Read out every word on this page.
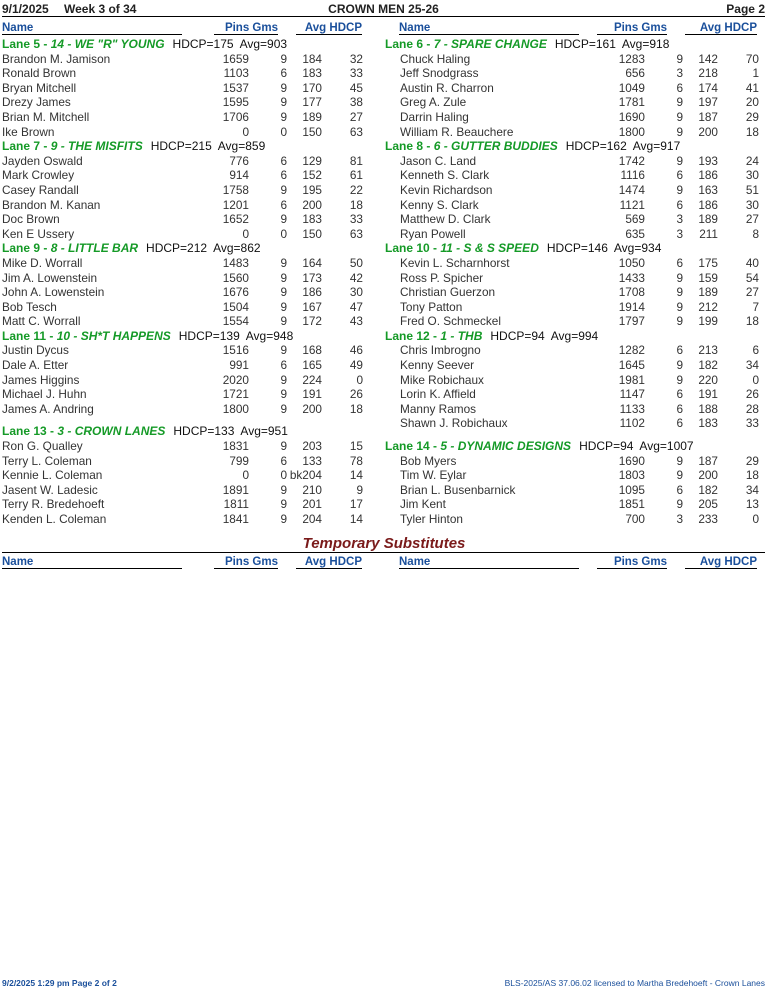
9/1/2025 Week 3 of 34	CROWN MEN 25-26	Page 2
Name	Pins Gms	Avg HDCP	Name	Pins Gms	Avg HDCP
Lane 5 - 14 - WE "R" YOUNG HDCP=175 Avg=903
Brandon M. Jamison	1659	9 184 32
Ronald Brown	1103	6 183 33
Bryan Mitchell	1537	9 170 45
Drezy James	1595	9 177 38
Brian M. Mitchell	1706	9 189 27
Ike Brown	0	0 150 63
Lane 7 - 9 - THE MISFITS HDCP=215 Avg=859
Jayden Oswald	776	6 129 81
Mark Crowley	914	6 152 61
Casey Randall	1758	9 195 22
Brandon M. Kanan	1201	6 200 18
Doc Brown	1652	9 183 33
Ken E Ussery	0	0 150 63
Lane 9 - 8 - LITTLE BAR HDCP=212 Avg=862
Mike D. Worrall	1483	9 164 50
Jim A. Lowenstein	1560	9 173 42
John A. Lowenstein	1676	9 186 30
Bob Tesch	1504	9 167 47
Matt C. Worrall	1554	9 172 43
Lane 11 - 10 - SH*T HAPPENS HDCP=139 Avg=948
Justin Dycus	1516	9 168 46
Dale A. Etter	991	6 165 49
James Higgins	2020	9 224	0
Michael J. Huhn	1721	9 191 26
James A. Andring	1800	9 200 18
Lane 13 - 3 - CROWN LANES HDCP=133 Avg=951
Ron G. Qualley	1831	9 203 15
Terry L. Coleman	799	6 133 78
Kennie L. Coleman	0	0 bk204 14
Jasent W. Ladesic	1891	9 210	9
Terry R. Bredehoeft	1811	9 201 17
Kenden L. Coleman	1841	9 204 14
Lane 6 - 7 - SPARE CHANGE HDCP=161 Avg=918
Chuck Haling	1283	9 142 70
Jeff Snodgrass	656	3 218	1
Austin R. Charron	1049	6 174 41
Greg A. Zule	1781	9 197 20
Darrin Haling	1690	9 187 29
William R. Beauchere	1800	9 200 18
Lane 8 - 6 - GUTTER BUDDIES HDCP=162 Avg=917
Jason C. Land	1742	9 193 24
Kenneth S. Clark	1116	6 186 30
Kevin Richardson	1474	9 163 51
Kenny S. Clark	1121	6 186 30
Matthew D. Clark	569	3 189 27
Ryan Powell	635	3 211	8
Lane 10 - 11 - S & S SPEED HDCP=146 Avg=934
Kevin L. Scharnhorst	1050	6 175 40
Ross P. Spicher	1433	9 159 54
Christian Guerzon	1708	9 189 27
Tony Patton	1914	9 212	7
Fred O. Schmeckel	1797	9 199 18
Lane 12 - 1 - THB HDCP=94 Avg=994
Chris Imbrogno	1282	6 213	6
Kenny Seever	1645	9 182 34
Mike Robichaux	1981	9 220	0
Lorin K. Affield	1147	6 191 26
Manny Ramos	1133	6 188 28
Shawn J. Robichaux	1102	6 183 33
Lane 14 - 5 - DYNAMIC DESIGNS HDCP=94 Avg=1007
Bob Myers	1690	9 187 29
Tim W. Eylar	1803	9 200 18
Brian L. Busenbarnick	1095	6 182 34
Jim Kent	1851	9 205 13
Tyler Hinton	700	3 233	0
Temporary Substitutes
Name	Pins Gms	Avg HDCP	Name	Pins Gms	Avg HDCP
9/2/2025 1:29 pm Page 2 of 2	BLS-2025/AS 37.06.02 licensed to Martha Bredehoeft - Crown Lanes
